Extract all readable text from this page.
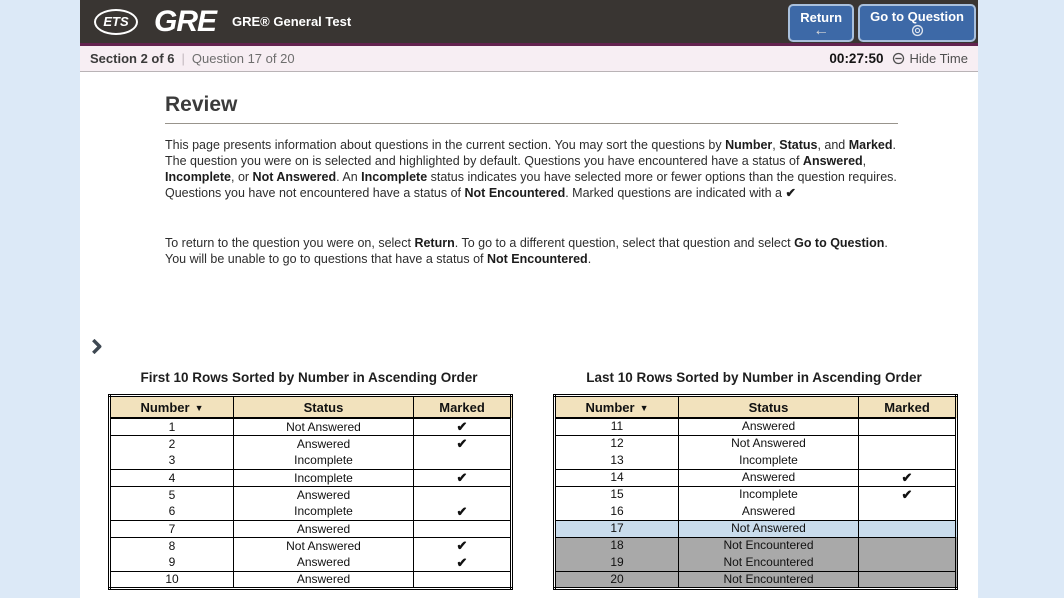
ETS GRE GRE® General Test	Return
←
Go to Question
Section 2 of 6 | Question 17 of 20	00:27:50 Hide Time
Review

This page presents information about questions in the current section. You may sort the questions by Number, Status, and Marked. The question you were on is selected and highlighted by default. Questions you have encountered have a status of Answered, Incomplete, or Not Answered. An Incomplete status indicates you have selected more or fewer options than the question requires. Questions you have not encountered have a status of Not Encountered. Marked questions are indicated with a ✔

To return to the question you were on, select Return. To go to a different question, select that question and select Go to Question. You will be unable to go to questions that have a status of Not Encountered.

First 10 Rows Sorted by Number in Ascending Order
Number ▼	Status	Marked
1	Not Answered	✔
2	Answered	✔
3	Incomplete	
4	Incomplete	✔
5	Answered	
6	Incomplete	✔
7	Answered	
8	Not Answered	✔
9	Answered	✔
10	Answered	
Last 10 Rows Sorted by Number in Ascending Order
Number ▼	Status	Marked
11	Answered	
12	Not Answered	
13	Incomplete	
14	Answered	✔
15	Incomplete	✔
16	Answered	
17	Not Answered	
18	Not Encountered	
19	Not Encountered	
20	Not Encountered	
